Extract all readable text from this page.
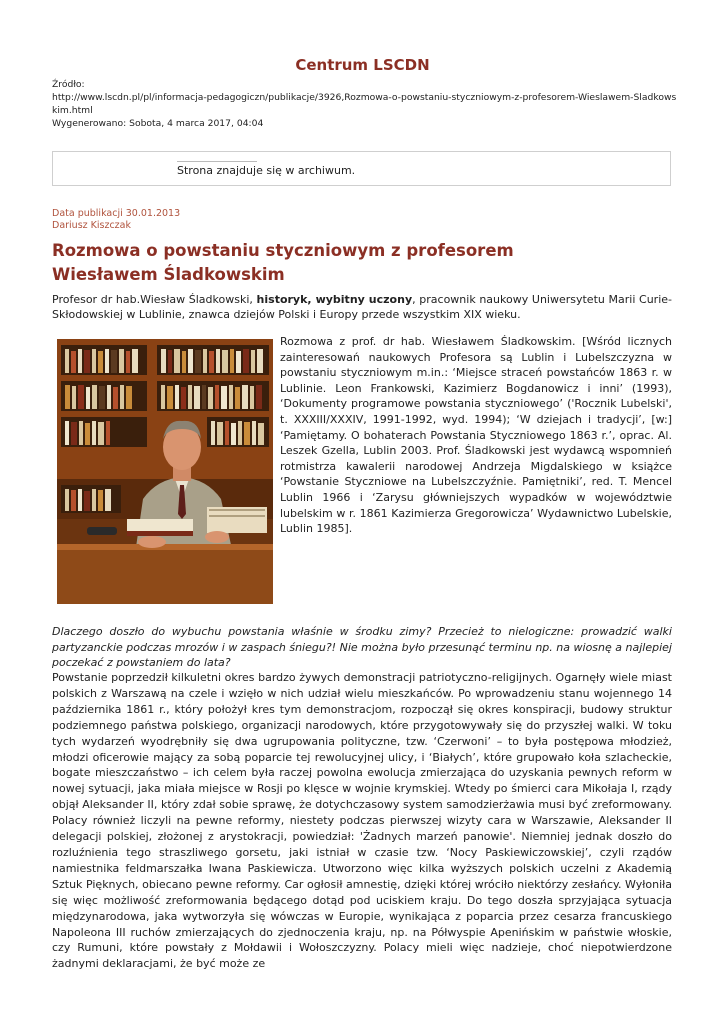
Centrum LSCDN
Źródło:
http://www.lscdn.pl/pl/informacja-pedagogiczn/publikacje/3926,Rozmowa-o-powstaniu-styczniowym-z-profesorem-Wieslawem-Sladkows
kim.html
Wygenerowano: Sobota, 4 marca 2017, 04:04
Strona znajduje się w archiwum.
Data publikacji 30.01.2013
Dariusz Kiszczak
Rozmowa o powstaniu styczniowym z profesorem Wiesławem Śladkowskim
Profesor dr hab.Wiesław Śladkowski, historyk, wybitny uczony, pracownik naukowy Uniwersytetu Marii Curie-Skłodowskiej w Lublinie, znawca dziejów Polski i Europy przede wszystkim XIX wieku.
Rozmowa z prof. dr hab. Wiesławem Śladkowskim. [Wśród licznych zainteresowań naukowych Profesora są Lublin i Lubelszczyzna w powstaniu styczniowym m.in.: ‘Miejsce straceń powstańców 1863 r. w Lublinie. Leon Frankowski, Kazimierz Bogdanowicz i inni’ (1993), ‘Dokumenty programowe powstania styczniowego’ ('Rocznik Lubelski', t. XXXIII/XXXIV, 1991-1992, wyd. 1994); ‘W dziejach i tradycji’, [w:] ‘Pamiętamy. O bohaterach Powstania Styczniowego 1863 r.’, oprac. Al. Leszek Gzella, Lublin 2003. Prof. Śladkowski jest wydawcą wspomnień rotmistrza kawalerii narodowej Andrzeja Migdalskiego w książce ‘Powstanie Styczniowe na Lubelszczyźnie. Pamiętniki’, red. T. Mencel Lublin 1966 i ‘Zarysu główniejszych wypadków w województwie lubelskim w r. 1861 Kazimierza Gregorowicza’ Wydawnictwo Lubelskie, Lublin 1985].
Dlaczego doszło do wybuchu powstania właśnie w środku zimy? Przecież to nielogiczne: prowadzić walki partyzanckie podczas mrozów i w zaspach śniegu?! Nie można było przesunąć terminu np. na wiosnę a najlepiej poczekać z powstaniem do lata?
Powstanie poprzedził kilkuletni okres bardzo żywych demonstracji patriotyczno-religijnych. Ogarnęły wiele miast polskich z Warszawą na czele i wzięło w nich udział wielu mieszkańców. Po wprowadzeniu stanu wojennego 14 października 1861 r., który położył kres tym demonstracjom, rozpoczął się okres konspiracji, budowy struktur podziemnego państwa polskiego, organizacji narodowych, które przygotowywały się do przyszłej walki. W toku tych wydarzeń wyodrębniły się dwa ugrupowania polityczne, tzw. ‘Czerwoni’ – to była postępowa młodzież, młodzi oficerowie mający za sobą poparcie tej rewolucyjnej ulicy, i ‘Białych’, które grupowało koła szlacheckie, bogate mieszczaństwo – ich celem była raczej powolna ewolucja zmierzająca do uzyskania pewnych reform w nowej sytuacji, jaka miała miejsce w Rosji po klęsce w wojnie krymskiej. Wtedy po śmierci cara Mikołaja I, rządy objął Aleksander II, który zdał sobie sprawę, że dotychczasowy system samodzierżawia musi być zreformowany. Polacy również liczyli na pewne reformy, niestety podczas pierwszej wizyty cara w Warszawie, Aleksander II delegacji polskiej, złożonej z arystokracji, powiedział: 'Żadnych marzeń panowie'. Niemniej jednak doszło do rozluźnienia tego straszliwego gorsetu, jaki istniał w czasie tzw. ‘Nocy Paskiewiczowskiej’, czyli rządów namiestnika feldmarszałka Iwana Paskiewicza. Utworzono więc kilka wyższych polskich uczelni z Akademią Sztuk Pięknych, obiecano pewne reformy. Car ogłosił amnestię, dzięki której wróciło niektórzy zesłańcy. Wyłoniła się więc możliwość zreformowania będącego dotąd pod uciskiem kraju. Do tego doszła sprzyjająca sytuacja międzynarodowa, jaka wytworzyła się wówczas w Europie, wynikająca z poparcia przez cesarza francuskiego Napoleona III ruchów zmierzających do zjednoczenia kraju, np. na Półwyspie Apenińskim w państwie włoskie, czy Rumuni, które powstały z Mołdawii i Wołoszczyzny. Polacy mieli więc nadzieje, choć niepotwierdzone żadnymi deklaracjami, że być może ze
